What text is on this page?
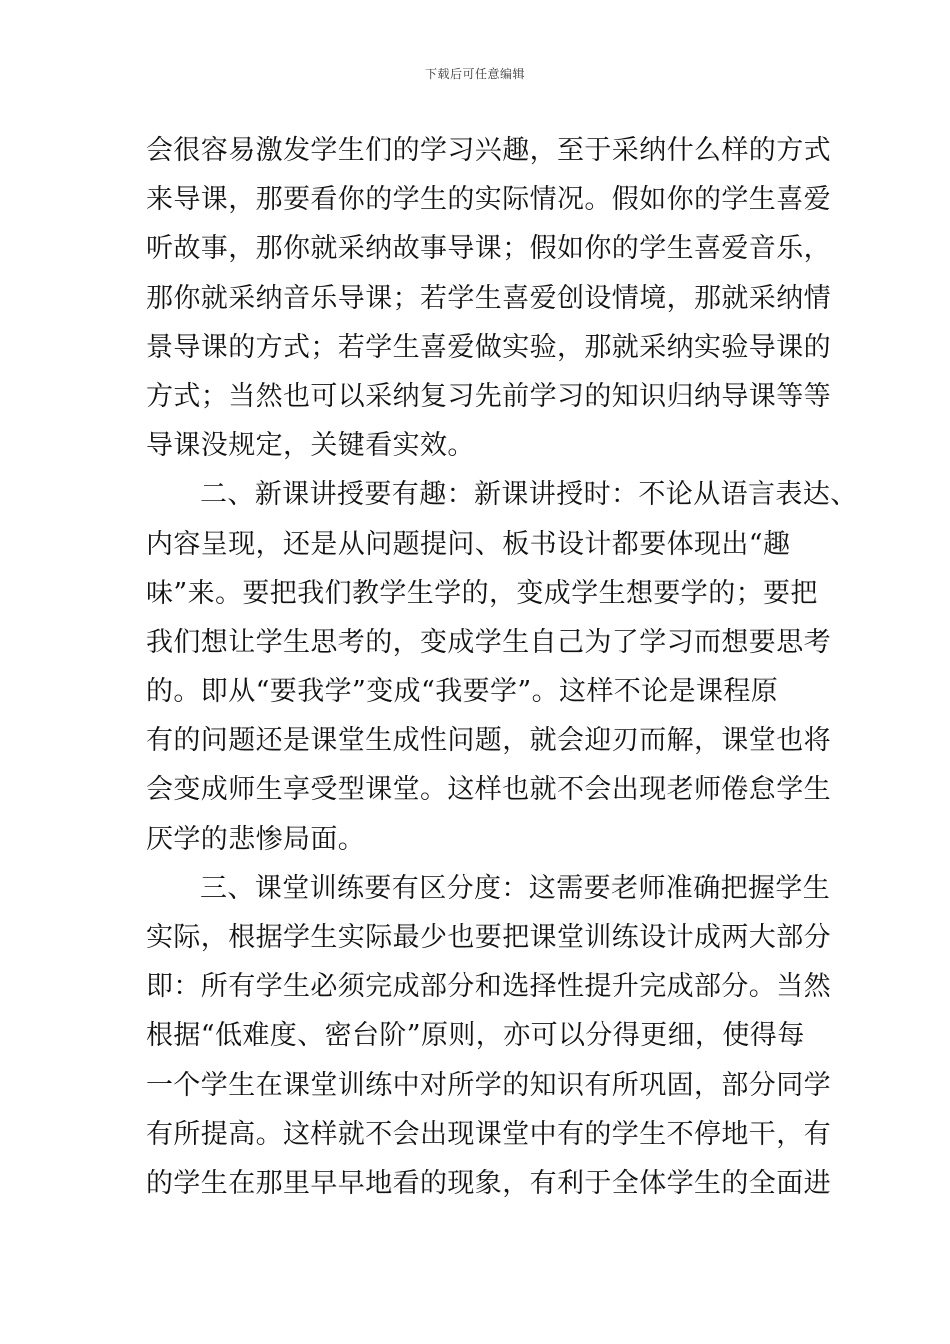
下载后可任意编辑
会很容易激发学生们的学习兴趣，至于采纳什么样的方式
来导课，那要看你的学生的实际情况。假如你的学生喜爱
听故事，那你就采纳故事导课；假如你的学生喜爱音乐，
那你就采纳音乐导课；若学生喜爱创设情境，那就采纳情
景导课的方式；若学生喜爱做实验，那就采纳实验导课的
方式；当然也可以采纳复习先前学习的知识归纳导课等等
导课没规定，关键看实效。
二、新课讲授要有趣：新课讲授时：不论从语言表达、
内容呈现，还是从问题提问、板书设计都要体现出“趣
味”来。要把我们教学生学的，变成学生想要学的；要把
我们想让学生思考的，变成学生自己为了学习而想要思考
的。即从“要我学”变成“我要学”。这样不论是课程原
有的问题还是课堂生成性问题，就会迎刃而解，课堂也将
会变成师生享受型课堂。这样也就不会出现老师倦怠学生
厌学的悲惨局面。
三、课堂训练要有区分度：这需要老师准确把握学生
实际，根据学生实际最少也要把课堂训练设计成两大部分
即：所有学生必须完成部分和选择性提升完成部分。当然
根据“低难度、密台阶”原则，亦可以分得更细，使得每
一个学生在课堂训练中对所学的知识有所巩固，部分同学
有所提高。这样就不会出现课堂中有的学生不停地干，有
的学生在那里早早地看的现象，有利于全体学生的全面进
